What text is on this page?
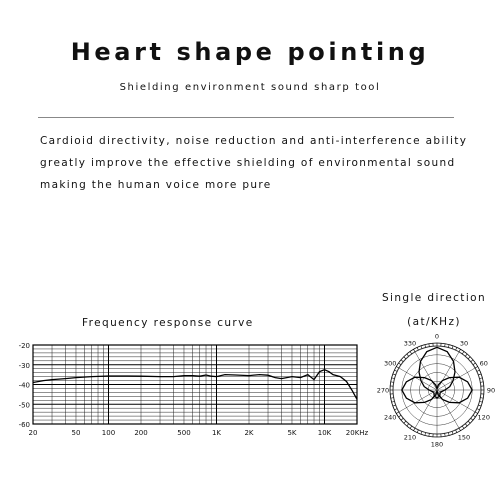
Heart shape pointing
Shielding environment sound sharp tool
Cardioid directivity, noise reduction and anti-interference ability
greatly improve the effective shielding of environmental sound
making the human voice more pure
Frequency response curve
Single direction
(at/KHz)
-20
-30
-40
-50
-60
20	50	100	200	500	1K	2K	5K	10K 20KHz
330
0
30
60
90
120
150
180
210
240
270
300
